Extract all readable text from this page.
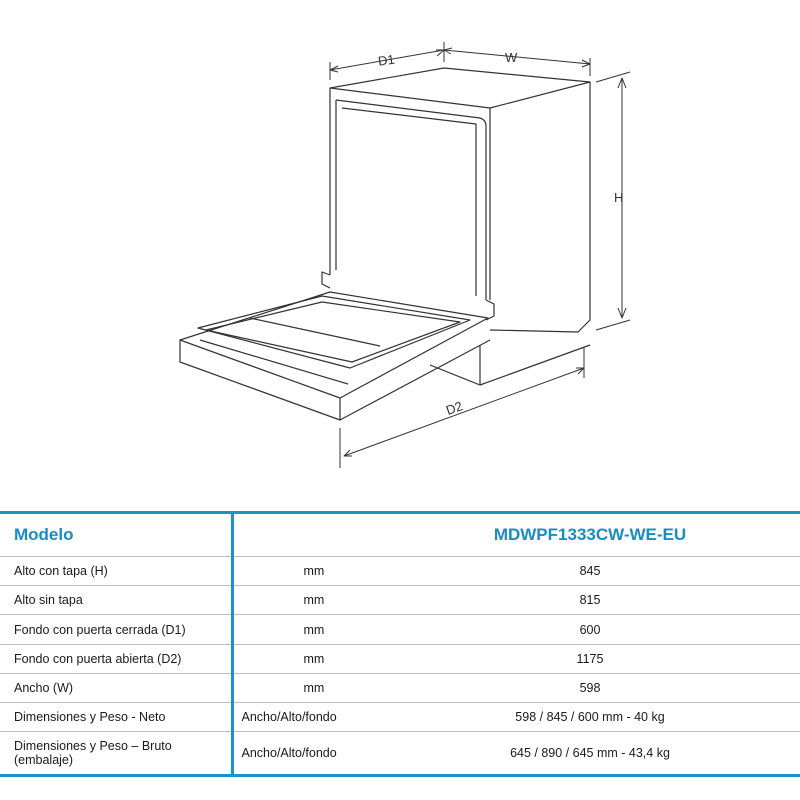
D1	W
H
D2
Modelo		MDWPF1333CW-WE-EU
Alto con tapa (H)	mm	845
Alto sin tapa	mm	815
Fondo con puerta cerrada (D1)	mm	600
Fondo con puerta abierta (D2)	mm	1175
Ancho (W)	mm	598
Dimensiones y Peso - Neto	Ancho/Alto/fondo	598 / 845 / 600 mm - 40 kg

Dimensiones y Peso – Bruto
(embalaje)	Ancho/Alto/fondo	645 / 890 / 645 mm - 43,4 kg
